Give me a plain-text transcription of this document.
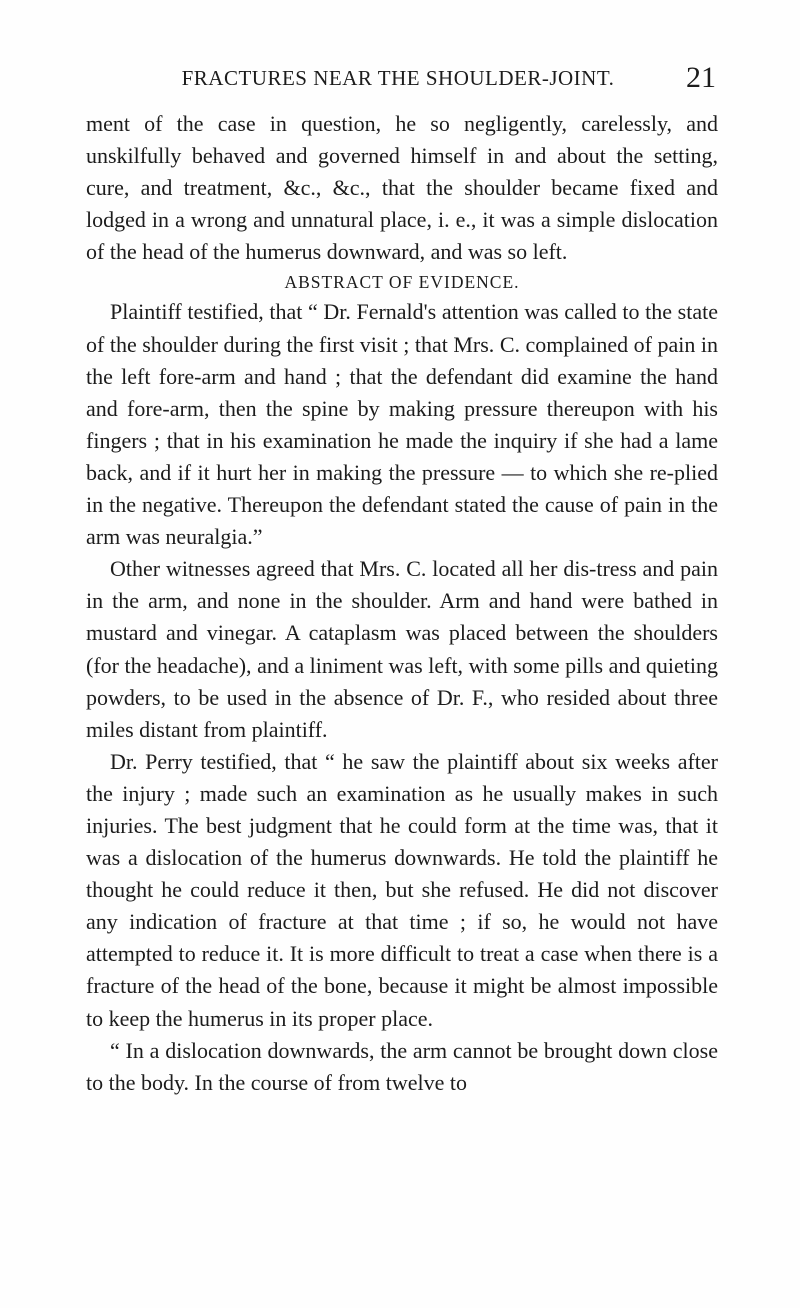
FRACTURES NEAR THE SHOULDER-JOINT. 21

ment of the case in question, he so negligently, carelessly, and unskilfully behaved and governed himself in and about the setting, cure, and treatment, &c., &c., that the shoulder became fixed and lodged in a wrong and unnatural place, i. e., it was a simple dislocation of the head of the humerus downward, and was so left.

ABSTRACT OF EVIDENCE.

Plaintiff testified, that “ Dr. Fernald's attention was called to the state of the shoulder during the first visit ; that Mrs. C. complained of pain in the left fore-arm and hand ; that the defendant did examine the hand and fore-arm, then the spine by making pressure thereupon with his fingers ; that in his examination he made the inquiry if she had a lame back, and if it hurt her in making the pressure — to which she re-plied in the negative. Thereupon the defendant stated the cause of pain in the arm was neuralgia.”

Other witnesses agreed that Mrs. C. located all her dis-tress and pain in the arm, and none in the shoulder. Arm and hand were bathed in mustard and vinegar. A cataplasm was placed between the shoulders (for the headache), and a liniment was left, with some pills and quieting powders, to be used in the absence of Dr. F., who resided about three miles distant from plaintiff.

Dr. Perry testified, that “ he saw the plaintiff about six weeks after the injury ; made such an examination as he usually makes in such injuries. The best judgment that he could form at the time was, that it was a dislocation of the humerus downwards. He told the plaintiff he thought he could reduce it then, but she refused. He did not discover any indication of fracture at that time ; if so, he would not have attempted to reduce it. It is more difficult to treat a case when there is a fracture of the head of the bone, because it might be almost impossible to keep the humerus in its proper place.

“ In a dislocation downwards, the arm cannot be brought down close to the body. In the course of from twelve to
